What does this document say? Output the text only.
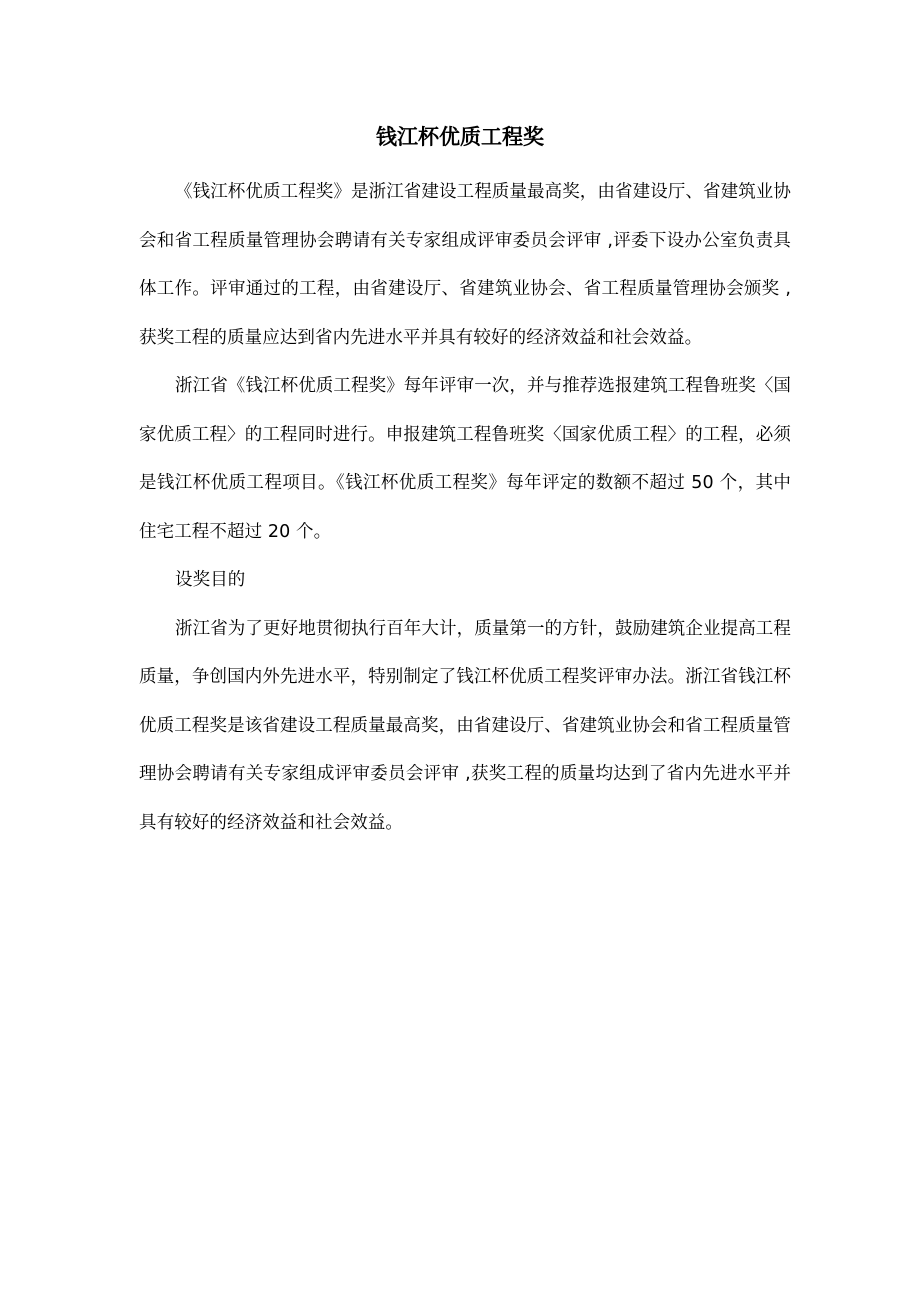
钱江杯优质工程奖

《钱江杯优质工程奖》是浙江省建设工程质量最高奖，由省建设厅、省建筑业协会和省工程质量管理协会聘请有关专家组成评审委员会评审 ,评委下设办公室负责具体工作。评审通过的工程，由省建设厅、省建筑业协会、省工程质量管理协会颁奖 ,获奖工程的质量应达到省内先进水平并具有较好的经济效益和社会效益。

浙江省《钱江杯优质工程奖》每年评审一次，并与推荐选报建筑工程鲁班奖〈国家优质工程〉的工程同时进行。申报建筑工程鲁班奖〈国家优质工程〉的工程，必须是钱江杯优质工程项目。《钱江杯优质工程奖》每年评定的数额不超过 50 个，其中住宅工程不超过 20 个。

设奖目的

浙江省为了更好地贯彻执行百年大计，质量第一的方针，鼓励建筑企业提高工程质量，争创国内外先进水平，特别制定了钱江杯优质工程奖评审办法。浙江省钱江杯优质工程奖是该省建设工程质量最高奖，由省建设厅、省建筑业协会和省工程质量管理协会聘请有关专家组成评审委员会评审 ,获奖工程的质量均达到了省内先进水平并具有较好的经济效益和社会效益。
